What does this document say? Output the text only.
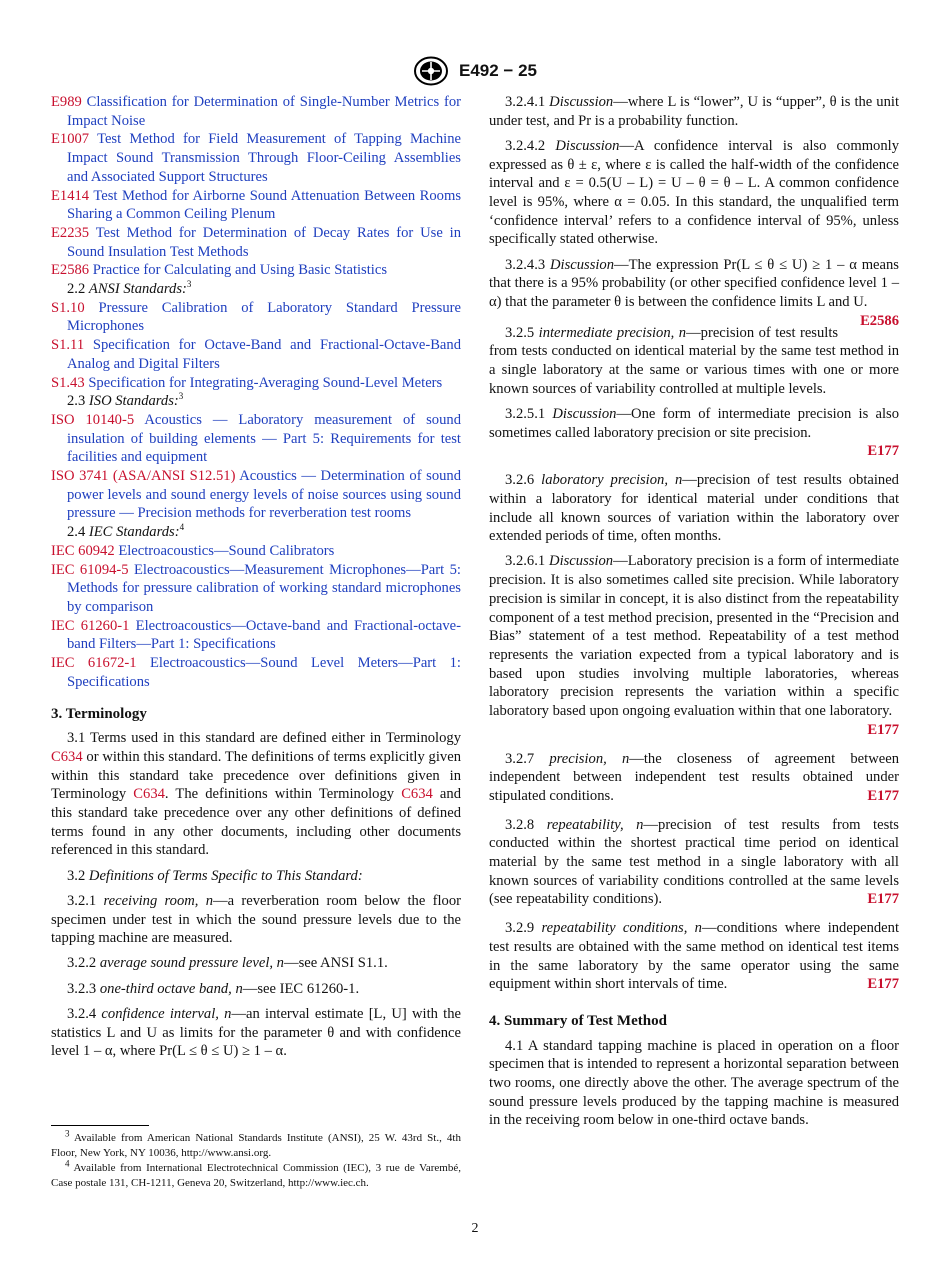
E492 − 25

E989 Classification for Determination of Single-Number Metrics for Impact Noise

E1007 Test Method for Field Measurement of Tapping Machine Impact Sound Transmission Through Floor-Ceiling Assemblies and Associated Support Structures

E1414 Test Method for Airborne Sound Attenuation Between Rooms Sharing a Common Ceiling Plenum

E2235 Test Method for Determination of Decay Rates for Use in Sound Insulation Test Methods

E2586 Practice for Calculating and Using Basic Statistics

2.2 ANSI Standards:$^3$

S1.10 Pressure Calibration of Laboratory Standard Pressure Microphones

S1.11 Specification for Octave-Band and Fractional-Octave-Band Analog and Digital Filters

S1.43 Specification for Integrating-Averaging Sound-Level Meters

2.3 ISO Standards:$^3$

ISO 10140-5 Acoustics — Laboratory measurement of sound insulation of building elements — Part 5: Requirements for test facilities and equipment

ISO 3741 (ASA/ANSI S12.51) Acoustics — Determination of sound power levels and sound energy levels of noise sources using sound pressure — Precision methods for reverberation test rooms

2.4 IEC Standards:$^4$

IEC 60942 Electroacoustics—Sound Calibrators

IEC 61094-5 Electroacoustics—Measurement Microphones—Part 5: Methods for pressure calibration of working standard microphones by comparison

IEC 61260-1 Electroacoustics—Octave-band and Fractional-octave-band Filters—Part 1: Specifications

IEC 61672-1 Electroacoustics—Sound Level Meters—Part 1: Specifications

3. Terminology

3.1 Terms used in this standard are defined either in Terminology C634 or within this standard. The definitions of terms explicitly given within this standard take precedence over definitions given in Terminology C634. The definitions within Terminology C634 and this standard take precedence over any other definitions of defined terms found in any other documents, including other documents referenced in this standard.

3.2 Definitions of Terms Specific to This Standard:

3.2.1 receiving room, n—a reverberation room below the floor specimen under test in which the sound pressure levels due to the tapping machine are measured.

3.2.2 average sound pressure level, n—see ANSI S1.1.

3.2.3 one-third octave band, n—see IEC 61260-1.

3.2.4 confidence interval, n—an interval estimate [L, U] with the statistics L and U as limits for the parameter θ and with confidence level 1 – α, where Pr(L ≤ θ ≤ U) ≥ 1 – α.

$^3$ Available from American National Standards Institute (ANSI), 25 W. 43rd St., 4th Floor, New York, NY 10036, http://www.ansi.org.

$^4$ Available from International Electrotechnical Commission (IEC), 3 rue de Varembé, Case postale 131, CH-1211, Geneva 20, Switzerland, http://www.iec.ch.

3.2.4.1 Discussion—where L is “lower”, U is “upper”, θ is the unit under test, and Pr is a probability function.

3.2.4.2 Discussion—A confidence interval is also commonly expressed as θ ± ε, where ε is called the half-width of the confidence interval and ε = 0.5(U – L) = U – θ = θ – L. A common confidence level is 95%, where α = 0.05. In this standard, the unqualified term ‘confidence interval’ refers to a confidence interval of 95%, unless specifically stated otherwise.

3.2.4.3 Discussion—The expression Pr(L ≤ θ ≤ U) ≥ 1 – α means that there is a 95% probability (or other specified confidence level 1 – α) that the parameter θ is between the confidence limits L and U.
E2586

3.2.5 intermediate precision, n—precision of test results from tests conducted on identical material by the same test method in a single laboratory at the same or various times with one or more known sources of variability controlled at multiple levels.

3.2.5.1 Discussion—One form of intermediate precision is also sometimes called laboratory precision or site precision.
E177

3.2.6 laboratory precision, n—precision of test results obtained within a laboratory for identical material under conditions that include all known sources of variation within the laboratory over extended periods of time, often months.

3.2.6.1 Discussion—Laboratory precision is a form of intermediate precision. It is also sometimes called site precision. While laboratory precision is similar in concept, it is also distinct from the repeatability component of a test method precision, presented in the “Precision and Bias” statement of a test method. Repeatability of a test method represents the variation expected from a typical laboratory and is based upon studies involving multiple laboratories, whereas laboratory precision represents the variation within a specific laboratory based upon ongoing evaluation within that one laboratory.
E177

3.2.7 precision, n—the closeness of agreement between independent between independent test results obtained under stipulated conditions.	E177

3.2.8 repeatability, n—precision of test results from tests conducted within the shortest practical time period on identical material by the same test method in a single laboratory with all known sources of variability conditions controlled at the same levels (see repeatability conditions).	E177

3.2.9 repeatability conditions, n—conditions where independent test results are obtained with the same method on identical test items in the same laboratory by the same operator using the same equipment within short intervals of time.	E177

4. Summary of Test Method

4.1 A standard tapping machine is placed in operation on a floor specimen that is intended to represent a horizontal separation between two rooms, one directly above the other. The average spectrum of the sound pressure levels produced by the tapping machine is measured in the receiving room below in one-third octave bands.

2
